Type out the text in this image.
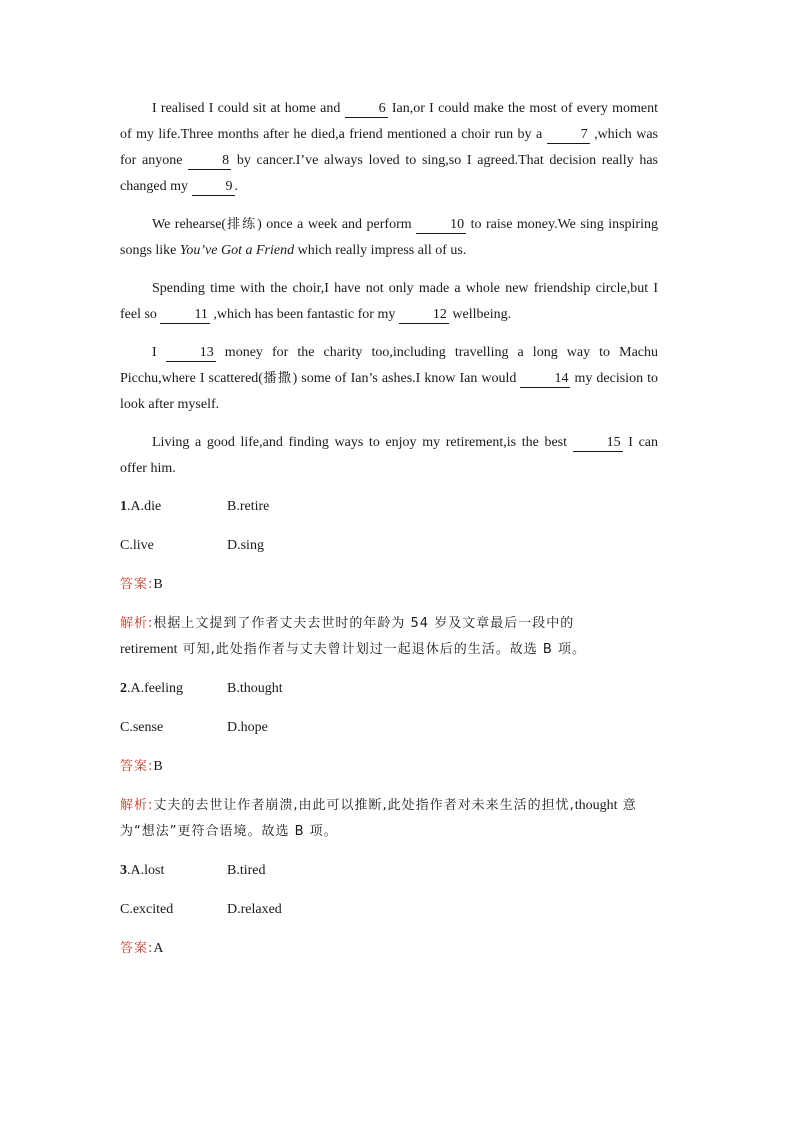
I realised I could sit at home and 6 Ian,or I could make the most of every moment of my life.Three months after he died,a friend mentioned a choir run by a 7 ,which was for anyone 8 by cancer.I’ve always loved to sing,so I agreed.That decision really has changed my 9 .

We rehearse(排练) once a week and perform 10 to raise money.We sing inspiring songs like You’ve Got a Friend which really impress all of us.

Spending time with the choir,I have not only made a whole new friendship circle,but I feel so 11 ,which has been fantastic for my 12 wellbeing.

I 13 money for the charity too,including travelling a long way to Machu Picchu,where I scattered(播撒) some of Ian’s ashes.I know Ian would 14 my decision to look after myself.

Living a good life,and finding ways to enjoy my retirement,is the best 15 I can offer him.

1.A.die	B.retire
C.live	D.sing
答案:B
解析:根据上文提到了作者丈夫去世时的年龄为 54 岁及文章最后一段中的
retirement 可知,此处指作者与丈夫曾计划过一起退休后的生活。故选 B 项。
2.A.feeling	B.thought
C.sense	D.hope
答案:B
解析:丈夫的去世让作者崩溃,由此可以推断,此处指作者对未来生活的担忧,thought 意为“想法”更符合语境。故选 B 项。
3.A.lost	B.tired
C.excited	D.relaxed
答案:A
